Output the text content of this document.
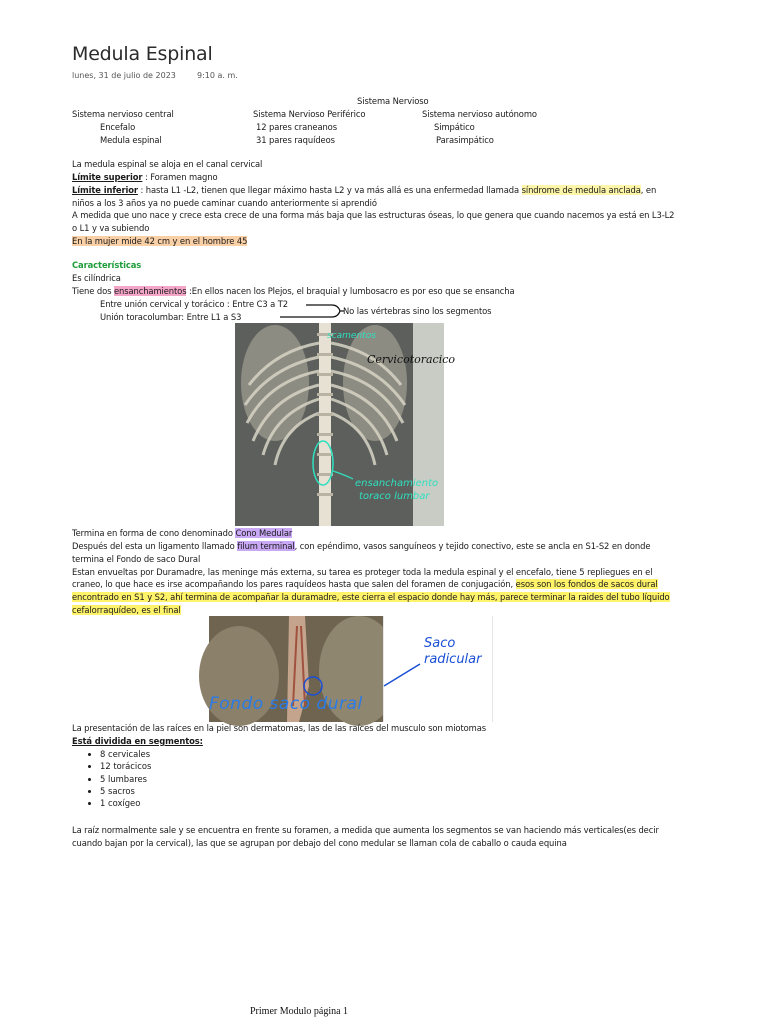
Medula Espinal
lunes, 31 de julio de 2023	9:10 a. m.
Sistema Nervioso
Sistema nervioso central
Encefalo
Medula espinal
Sistema Nervioso Periférico
12 pares craneanos
31 pares raquídeos
Sistema nervioso autónomo
Simpático
Parasimpático
La medula espinal se aloja en el canal cervical
Límite superior : Foramen magno
Límite inferior : hasta L1 -L2, tienen que llegar máximo hasta L2 y va más allá es una enfermedad llamada síndrome de medula anclada, en
niños a los 3 años ya no puede caminar cuando anteriormente si aprendió
A medida que uno nace y crece esta crece de una forma más baja que las estructuras óseas, lo que genera que cuando nacemos ya está en L3-L2
o L1 y va subiendo
En la mujer mide 42 cm y en el hombre 45
Características
Es cilíndrica
Tiene dos ensanchamientos :En ellos nacen los Plejos, el braquial y lumbosacro es por eso que se ensancha
Entre unión cervical y torácico : Entre C3 a T2
Unión toracolumbar: Entre L1 a S3
No las vértebras sino los segmentos
scamentos
Cervicotoracico
ensanchamiento
toraco lumbar
Termina en forma de cono denominado Cono Medular
Después del esta un ligamento llamado filum terminal, con epéndimo, vasos sanguíneos y tejido conectivo, este se ancla en S1-S2 en donde
termina el Fondo de saco Dural
Estan envueltas por Duramadre, las meninge más externa, su tarea es proteger toda la medula espinal y el encefalo, tiene 5 repliegues en el
craneo, lo que hace es irse acompañando los pares raquídeos hasta que salen del foramen de conjugación, esos son los fondos de sacos dural
encontrado en S1 y S2, ahí termina de acompañar la duramadre, este cierra el espacio donde hay más, parece terminar la raides del tubo líquido
cefalorraquídeo, es el final
Fondo saco dural
Saco
radicular
La presentación de las raíces en la piel son dermatomas, las de las raíces del musculo son miotomas
Está dividida en segmentos:
• 8 cervicales
• 12 torácicos
• 5 lumbares
• 5 sacros
• 1 coxígeo
La raíz normalmente sale y se encuentra en frente su foramen, a medida que aumenta los segmentos se van haciendo más verticales(es decir
cuando bajan por la cervical), las que se agrupan por debajo del cono medular se llaman cola de caballo o cauda equina
Primer Modulo página 1
